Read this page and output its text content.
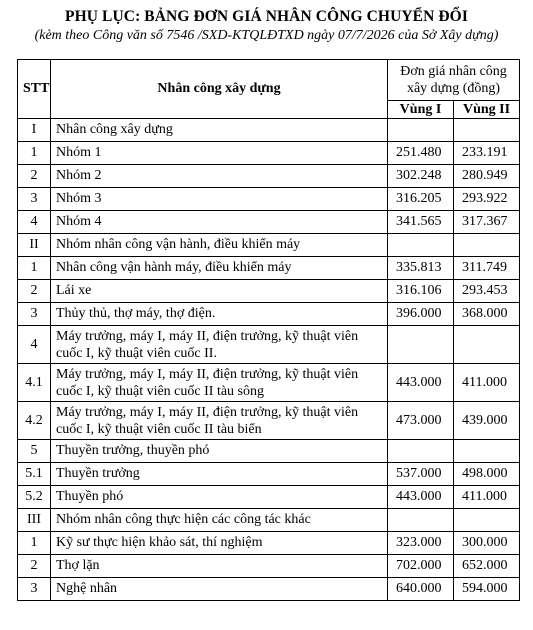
PHỤ LỤC: BẢNG ĐƠN GIÁ NHÂN CÔNG CHUYỂN ĐỔI
(kèm theo Công văn số 7546 /SXD-KTQLĐTXD ngày 07/7/2026 của Sở Xây dựng)
STT	Nhân công xây dựng	Đơn giá nhân công xây dựng (đồng)	
		Vùng I	Vùng II
I	Nhân công xây dựng		
1	Nhóm 1	251.480	233.191
2	Nhóm 2	302.248	280.949
3	Nhóm 3	316.205	293.922
4	Nhóm 4	341.565	317.367
II	Nhóm nhân công vận hành, điều khiển máy		
1	Nhân công vận hành máy, điều khiển máy	335.813	311.749
2	Lái xe	316.106	293.453
3	Thủy thủ, thợ máy, thợ điện.	396.000	368.000
4	Máy trưởng, máy I, máy II, điện trưởng, kỹ thuật viên cuốc I, kỹ thuật viên cuốc II.		
4.1	Máy trưởng, máy I, máy II, điện trưởng, kỹ thuật viên cuốc I, kỹ thuật viên cuốc II tàu sông	443.000	411.000
4.2	Máy trưởng, máy I, máy II, điện trưởng, kỹ thuật viên cuốc I, kỹ thuật viên cuốc II tàu biển	473.000	439.000
5	Thuyền trưởng, thuyền phó		
5.1	Thuyền trưởng	537.000	498.000
5.2	Thuyền phó	443.000	411.000
III	Nhóm nhân công thực hiện các công tác khác		
1	Kỹ sư thực hiện khảo sát, thí nghiệm	323.000	300.000
2	Thợ lặn	702.000	652.000
3	Nghệ nhân	640.000	594.000
